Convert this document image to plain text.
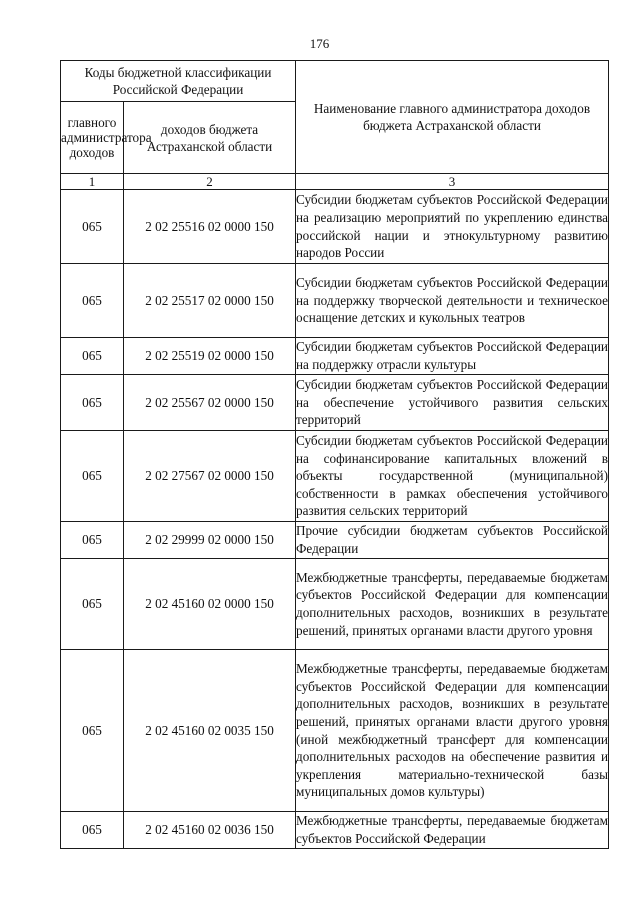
176
Коды бюджетной классификации Российской Федерации		Наименование главного администратора доходов бюджета Астраханской области
главного администратора доходов	доходов бюджета Астраханской области	
1	2	3
065	2 02 25516 02 0000 150	Субсидии бюджетам субъектов Российской Федерации на реализацию мероприятий по укреплению единства российской нации и этнокультурному развитию народов России
065	2 02 25517 02 0000 150	Субсидии бюджетам субъектов Российской Федерации на поддержку творческой деятельности и техническое оснащение детских и кукольных театров
065	2 02 25519 02 0000 150	Субсидии бюджетам субъектов Российской Федерации на поддержку отрасли культуры
065	2 02 25567 02 0000 150	Субсидии бюджетам субъектов Российской Федерации на обеспечение устойчивого развития сельских территорий
065	2 02 27567 02 0000 150	Субсидии бюджетам субъектов Российской Федерации на софинансирование капитальных вложений в объекты государственной (муниципальной) собственности в рамках обеспечения устойчивого развития сельских территорий
065	2 02 29999 02 0000 150	Прочие субсидии бюджетам субъектов Российской Федерации
065	2 02 45160 02 0000 150	Межбюджетные трансферты, передаваемые бюджетам субъектов Российской Федерации для компенсации дополнительных расходов, возникших в результате решений, принятых органами власти другого уровня
065	2 02 45160 02 0035 150	Межбюджетные трансферты, передаваемые бюджетам субъектов Российской Федерации для компенсации дополнительных расходов, возникших в результате решений, принятых органами власти другого уровня (иной межбюджетный трансферт для компенсации дополнительных расходов на обеспечение развития и укрепления материально-технической базы муниципальных домов культуры)
065	2 02 45160 02 0036 150	Межбюджетные трансферты, передаваемые бюджетам субъектов Российской Федерации
